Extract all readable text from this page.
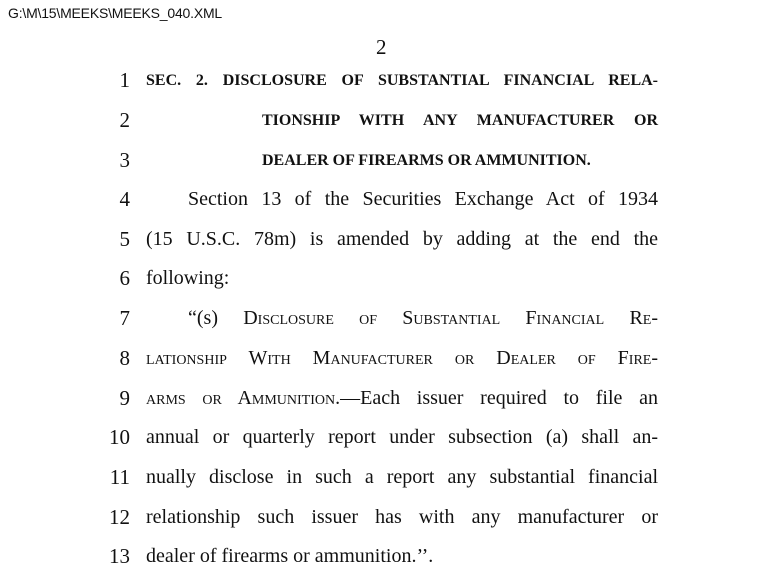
G:\M\15\MEEKS\MEEKS_040.XML
2
1 SEC. 2. DISCLOSURE OF SUBSTANTIAL FINANCIAL RELA-
2	TIONSHIP WITH ANY MANUFACTURER OR
3	DEALER OF FIREARMS OR AMMUNITION.
4	Section 13 of the Securities Exchange Act of 1934
5 (15 U.S.C. 78m) is amended by adding at the end the
6 following:
7	“(s) Disclosure of Substantial Financial Re-
8 lationship With Manufacturer or Dealer of Fire-
9 arms or Ammunition.—Each issuer required to file an
10 annual or quarterly report under subsection (a) shall an-
11 nually disclose in such a report any substantial financial
12 relationship such issuer has with any manufacturer or
13 dealer of firearms or ammunition.’’.
